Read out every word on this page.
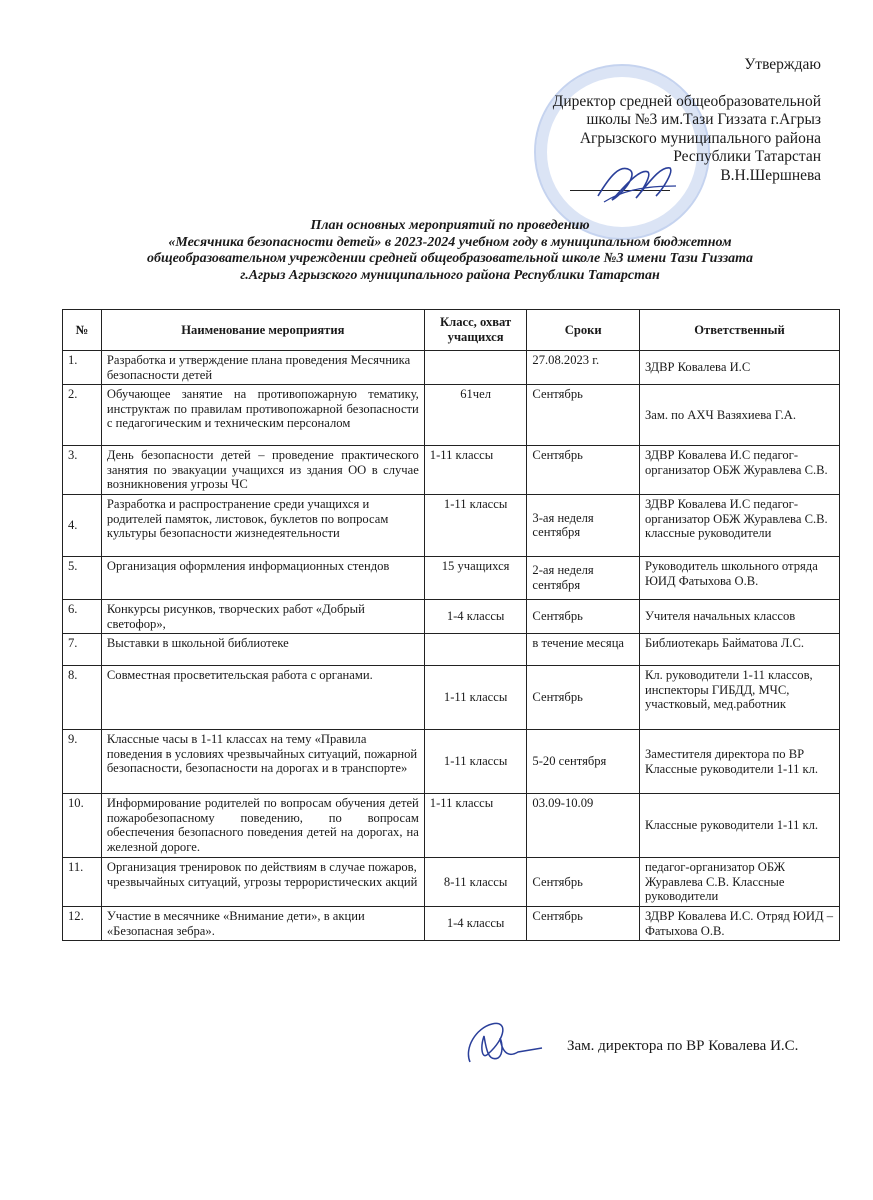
Утверждаю
Директор средней общеобразовательной
школы №3 им.Тази Гиззата г.Агрыз
Агрызского муниципального района
Республики Татарстан
В.Н.Шершнева
План основных мероприятий по проведению
«Месячника безопасности детей» в 2023-2024 учебном году в муниципальном бюджетном
общеобразовательном учреждении средней общеобразовательной школе №3 имени Тази Гиззата
г.Агрыз Агрызского муниципального района Республики Татарстан
№	Наименование мероприятия	Класс, охват учащихся	Сроки	Ответственный
1.	Разработка и утверждение плана проведения Месячника безопасности детей		27.08.2023 г.	ЗДВР Ковалева И.С
2.	Обучающее занятие на противопожарную тематику, инструктаж по правилам противопожарной безопасности с педагогическим и техническим персоналом	61чел	Сентябрь	Зам. по АХЧ Вазяхиева Г.А.
3.	День безопасности детей – проведение практического занятия по эвакуации учащихся из здания ОО в случае возникновения угрозы ЧС	1-11 классы	Сентябрь	ЗДВР Ковалева И.С педагог-организатор ОБЖ Журавлева С.В.
4.	Разработка и распространение среди учащихся и родителей памяток, листовок, буклетов по вопросам культуры безопасности жизнедеятельности	1-11 классы	3-ая неделя сентября	ЗДВР Ковалева И.С педагог-организатор ОБЖ Журавлева С.В. классные руководители
5.	Организация оформления информационных стендов	15 учащихся	2-ая неделя сентября	Руководитель школьного отряда ЮИД Фатыхова О.В.
6.	Конкурсы рисунков, творческих работ «Добрый светофор»,	1-4 классы	Сентябрь	Учителя начальных классов
7.	Выставки в школьной библиотеке		в течение месяца	Библиотекарь Байматова Л.С.
8.	Совместная просветительская работа с органами.	1-11 классы	Сентябрь	Кл. руководители 1-11 классов, инспекторы ГИБДД, МЧС, участковый, мед.работник
9.	Классные часы в 1-11 классах на тему «Правила поведения в условиях чрезвычайных ситуаций, пожарной безопасности, безопасности на дорогах и в транспорте»	1-11 классы	5-20 сентября	Заместителя директора по ВР Классные руководители 1-11 кл.
10.	Информирование родителей по вопросам обучения детей пожаробезопасному поведению, по вопросам обеспечения безопасного поведения детей на дорогах, на железной дороге.	1-11 классы	03.09-10.09	Классные руководители 1-11 кл.
11.	Организация тренировок по действиям в случае пожаров, чрезвычайных ситуаций, угрозы террористических акций	8-11 классы	Сентябрь	педагог-организатор ОБЖ Журавлева С.В. Классные руководители
12.	Участие в месячнике «Внимание дети», в акции «Безопасная зебра».	1-4 классы	Сентябрь	ЗДВР Ковалева И.С. Отряд ЮИД – Фатыхова О.В.
Зам. директора по ВР Ковалева И.С.
